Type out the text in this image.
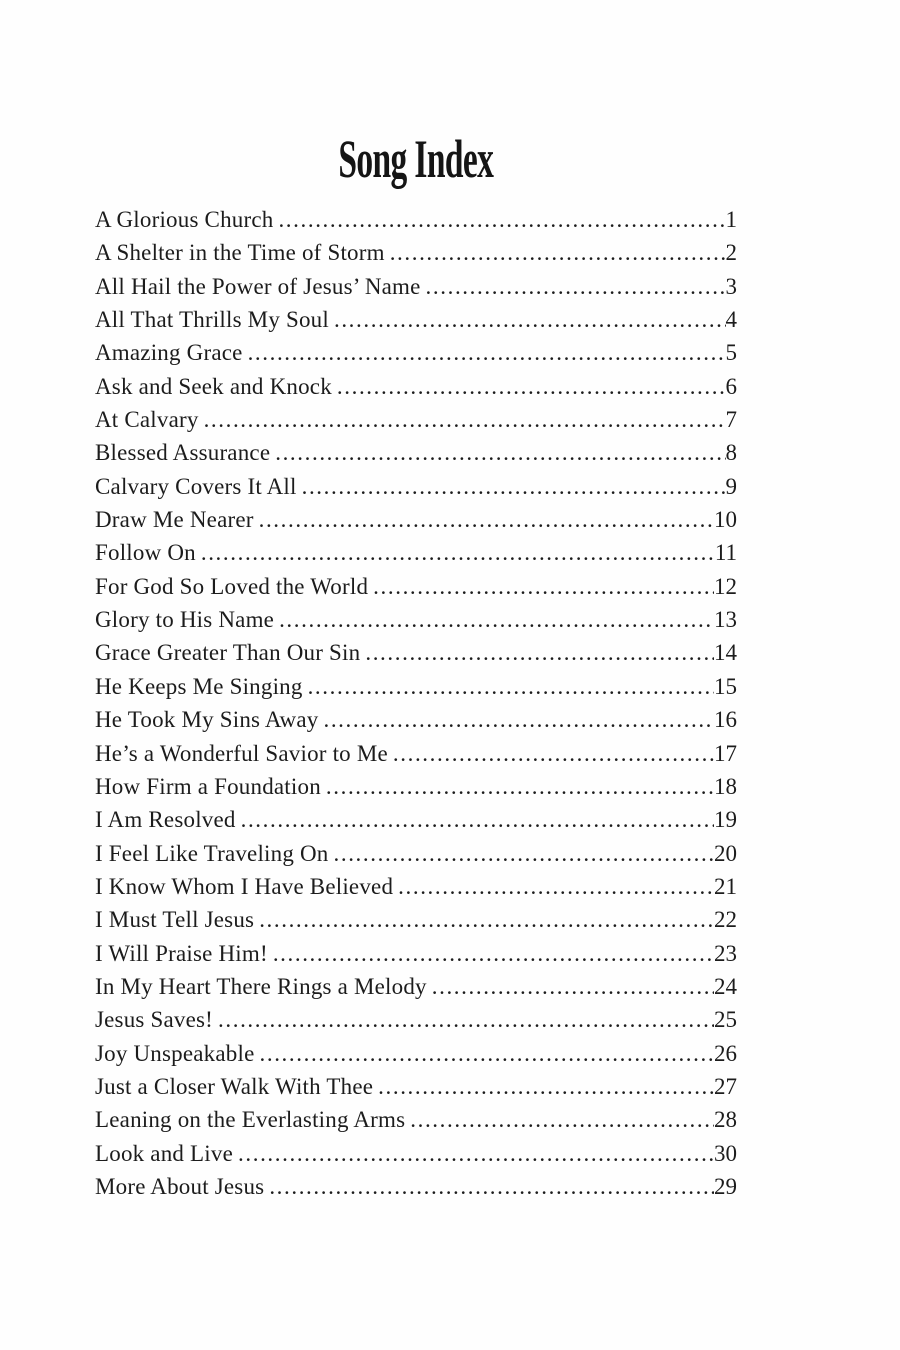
Song Index
A Glorious Church .....	1
A Shelter in the Time of Storm .....	2
All Hail the Power of Jesus’ Name .....	3
All That Thrills My Soul .....	4
Amazing Grace .....	5
Ask and Seek and Knock .....	6
At Calvary .....	7
Blessed Assurance .....	8
Calvary Covers It All .....	9
Draw Me Nearer .....	10
Follow On .....	11
For God So Loved the World .....	12
Glory to His Name .....	13
Grace Greater Than Our Sin .....	14
He Keeps Me Singing .....	15
He Took My Sins Away .....	16
He’s a Wonderful Savior to Me .....	17
How Firm a Foundation .....	18
I Am Resolved .....	19
I Feel Like Traveling On .....	20
I Know Whom I Have Believed .....	21
I Must Tell Jesus .....	22
I Will Praise Him! .....	23
In My Heart There Rings a Melody .....	24
Jesus Saves! .....	25
Joy Unspeakable .....	26
Just a Closer Walk With Thee .....	27
Leaning on the Everlasting Arms .....	28
Look and Live .....	30
More About Jesus .....	29
